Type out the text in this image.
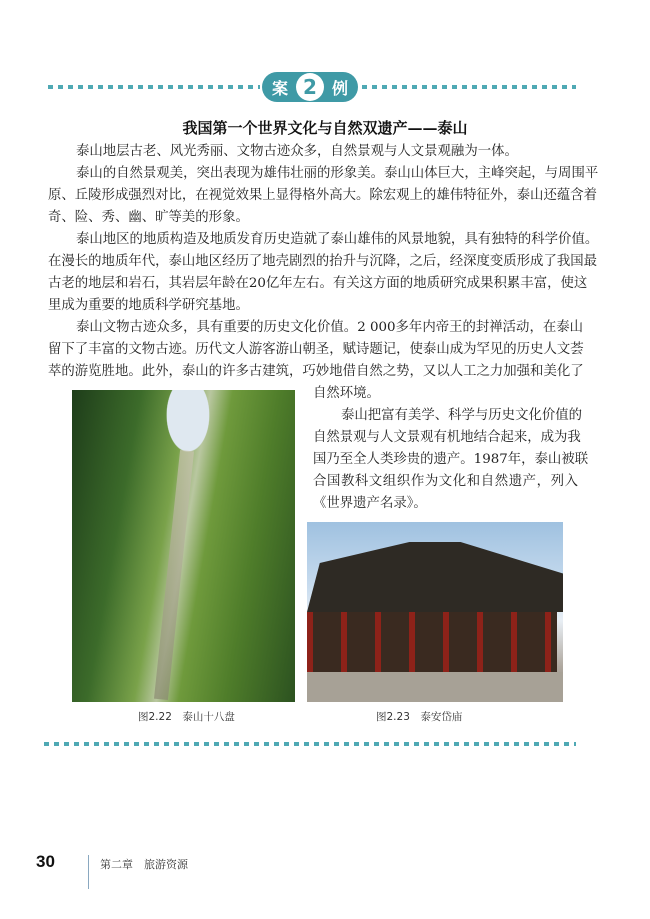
案 2 例
我国第一个世界文化与自然双遗产——泰山
泰山地层古老、风光秀丽、文物古迹众多，自然景观与人文景观融为一体。
泰山的自然景观美，突出表现为雄伟壮丽的形象美。泰山山体巨大，主峰突起，与周围平
原、丘陵形成强烈对比，在视觉效果上显得格外高大。除宏观上的雄伟特征外，泰山还蕴含着
奇、险、秀、幽、旷等美的形象。
泰山地区的地质构造及地质发育历史造就了泰山雄伟的风景地貌，具有独特的科学价值。
在漫长的地质年代，泰山地区经历了地壳剧烈的抬升与沉降，之后，经深度变质形成了我国最
古老的地层和岩石，其岩层年龄在20亿年左右。有关这方面的地质研究成果积累丰富，使这
里成为重要的地质科学研究基地。
泰山文物古迹众多，具有重要的历史文化价值。2 000多年内帝王的封禅活动，在泰山
留下了丰富的文物古迹。历代文人游客游山朝圣，赋诗题记，使泰山成为罕见的历史人文荟
萃的游览胜地。此外，泰山的许多古建筑，巧妙地借自然之势，又以人工之力加强和美化了
自然环境。
泰山把富有美学、科学与历史文化价值的
自然景观与人文景观有机地结合起来，成为我
国乃至全人类珍贵的遗产。1987年，泰山被联
合国教科文组织作为文化和自然遗产，列入
《世界遗产名录》。
图2.22　泰山十八盘	图2.23　泰安岱庙
30	第二章　旅游资源
